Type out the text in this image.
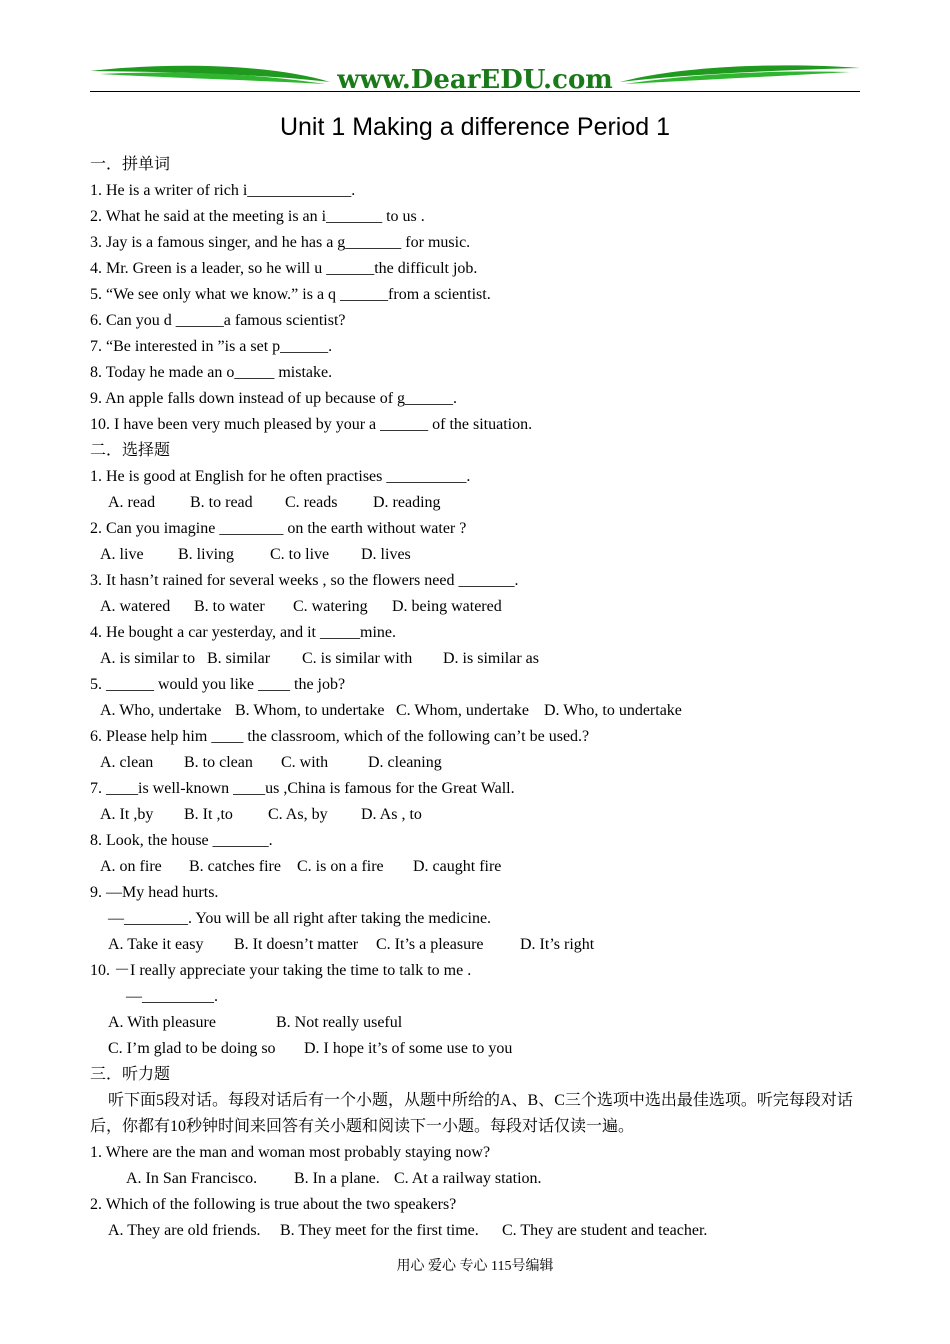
www.DearEDU.com
Unit 1 Making a difference Period 1
一．拼单词
1. He is a writer of rich i_____________.
2. What he said at the meeting is an i_______ to us .
3. Jay is a famous singer, and he has a g_______ for music.
4. Mr. Green is a leader, so he will u ______the difficult job.
5. “We see only what we know.” is a q ______from a scientist.
6. Can you d ______a famous scientist?
7. “Be interested in ”is a set p______.
8. Today he made an o_____ mistake.
9. An apple falls down instead of up because of g______.
10. I have been very much pleased by your a ______ of the situation.
二．选择题
1. He is good at English for he often practises __________.
A. read B. to read C. reads D. reading
2. Can you imagine ________ on the earth without water ?
A. live B. living C. to live D. lives
3. It hasn’t rained for several weeks , so the flowers need _______.
A. watered B. to water C. watering D. being watered
4. He bought a car yesterday, and it _____mine.
A. is similar to B. similar C. is similar with D. is similar as
5. ______ would you like ____ the job?
A. Who, undertake B. Whom, to undertake C. Whom, undertake D. Who, to undertake
6. Please help him ____ the classroom, which of the following can’t be used.?
A. clean B. to clean C. with D. cleaning
7. ____is well-known ____us ,China is famous for the Great Wall.
A. It ,by B. It ,to C. As, by D. As , to
8. Look, the house _______.
A. on fire B. catches fire C. is on a fire D. caught fire
9. —My head hurts.
—________. You will be all right after taking the medicine.
A. Take it easy B. It doesn’t matter C. It’s a pleasure D. It’s right
10. －I really appreciate your taking the time to talk to me .
—_________.
A. With pleasure	B. Not really useful
C. I’m glad to be doing so D. I hope it’s of some use to you
三．听力题

听下面5段对话。每段对话后有一个小题，从题中所给的A、B、C三个选项中选出最佳选项。听完每段对话后，你都有10秒钟时间来回答有关小题和阅读下一小题。每段对话仅读一遍。

1. Where are the man and woman most probably staying now?
A. In San Francisco. B. In a plane. C. At a railway station.
2. Which of the following is true about the two speakers?
A. They are old friends. B. They meet for the first time. C. They are student and teacher.
用心 爱心 专心 115号编辑
